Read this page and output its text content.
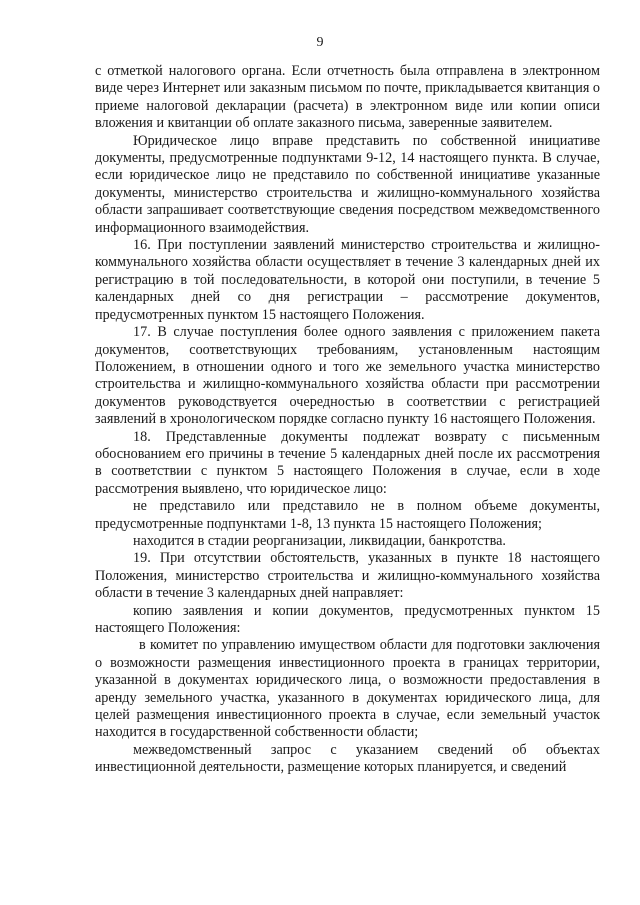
9

с отметкой налогового органа. Если отчетность была отправлена в электронном виде через Интернет или заказным письмом по почте, прикладывается квитанция о приеме налоговой декларации (расчета) в электронном виде или копии описи вложения и квитанции об оплате заказного письма, заверенные заявителем.

Юридическое лицо вправе представить по собственной инициативе документы, предусмотренные подпунктами 9-12, 14 настоящего пункта. В случае, если юридическое лицо не представило по собственной инициативе указанные документы, министерство строительства и жилищно-коммунального хозяйства области запрашивает соответствующие сведения посредством межведомственного информационного взаимодействия.

16. При поступлении заявлений министерство строительства и жилищно-коммунального хозяйства области осуществляет в течение 3 календарных дней их регистрацию в той последовательности, в которой они поступили, в течение 5 календарных дней со дня регистрации – рассмотрение документов, предусмотренных пунктом 15 настоящего Положения.

17. В случае поступления более одного заявления с приложением пакета документов, соответствующих требованиям, установленным настоящим Положением, в отношении одного и того же земельного участка министерство строительства и жилищно-коммунального хозяйства области при рассмотрении документов руководствуется очередностью в соответствии с регистрацией заявлений в хронологическом порядке согласно пункту 16 настоящего Положения.

18. Представленные документы подлежат возврату с письменным обоснованием его причины в течение 5 календарных дней после их рассмотрения в соответствии с пунктом 5 настоящего Положения в случае, если в ходе рассмотрения выявлено, что юридическое лицо:

не представило или представило не в полном объеме документы, предусмотренные подпунктами 1-8, 13 пункта 15 настоящего Положения;

находится в стадии реорганизации, ликвидации, банкротства.

19. При отсутствии обстоятельств, указанных в пункте 18 настоящего Положения, министерство строительства и жилищно-коммунального хозяйства области в течение 3 календарных дней направляет:

копию заявления и копии документов, предусмотренных пунктом 15 настоящего Положения:

в комитет по управлению имуществом области для подготовки заключения о возможности размещения инвестиционного проекта в границах территории, указанной в документах юридического лица, о возможности предоставления в аренду земельного участка, указанного в документах юридического лица, для целей размещения инвестиционного проекта в случае, если земельный участок находится в государственной собственности области;

межведомственный запрос с указанием сведений об объектах инвестиционной деятельности, размещение которых планируется, и сведений
